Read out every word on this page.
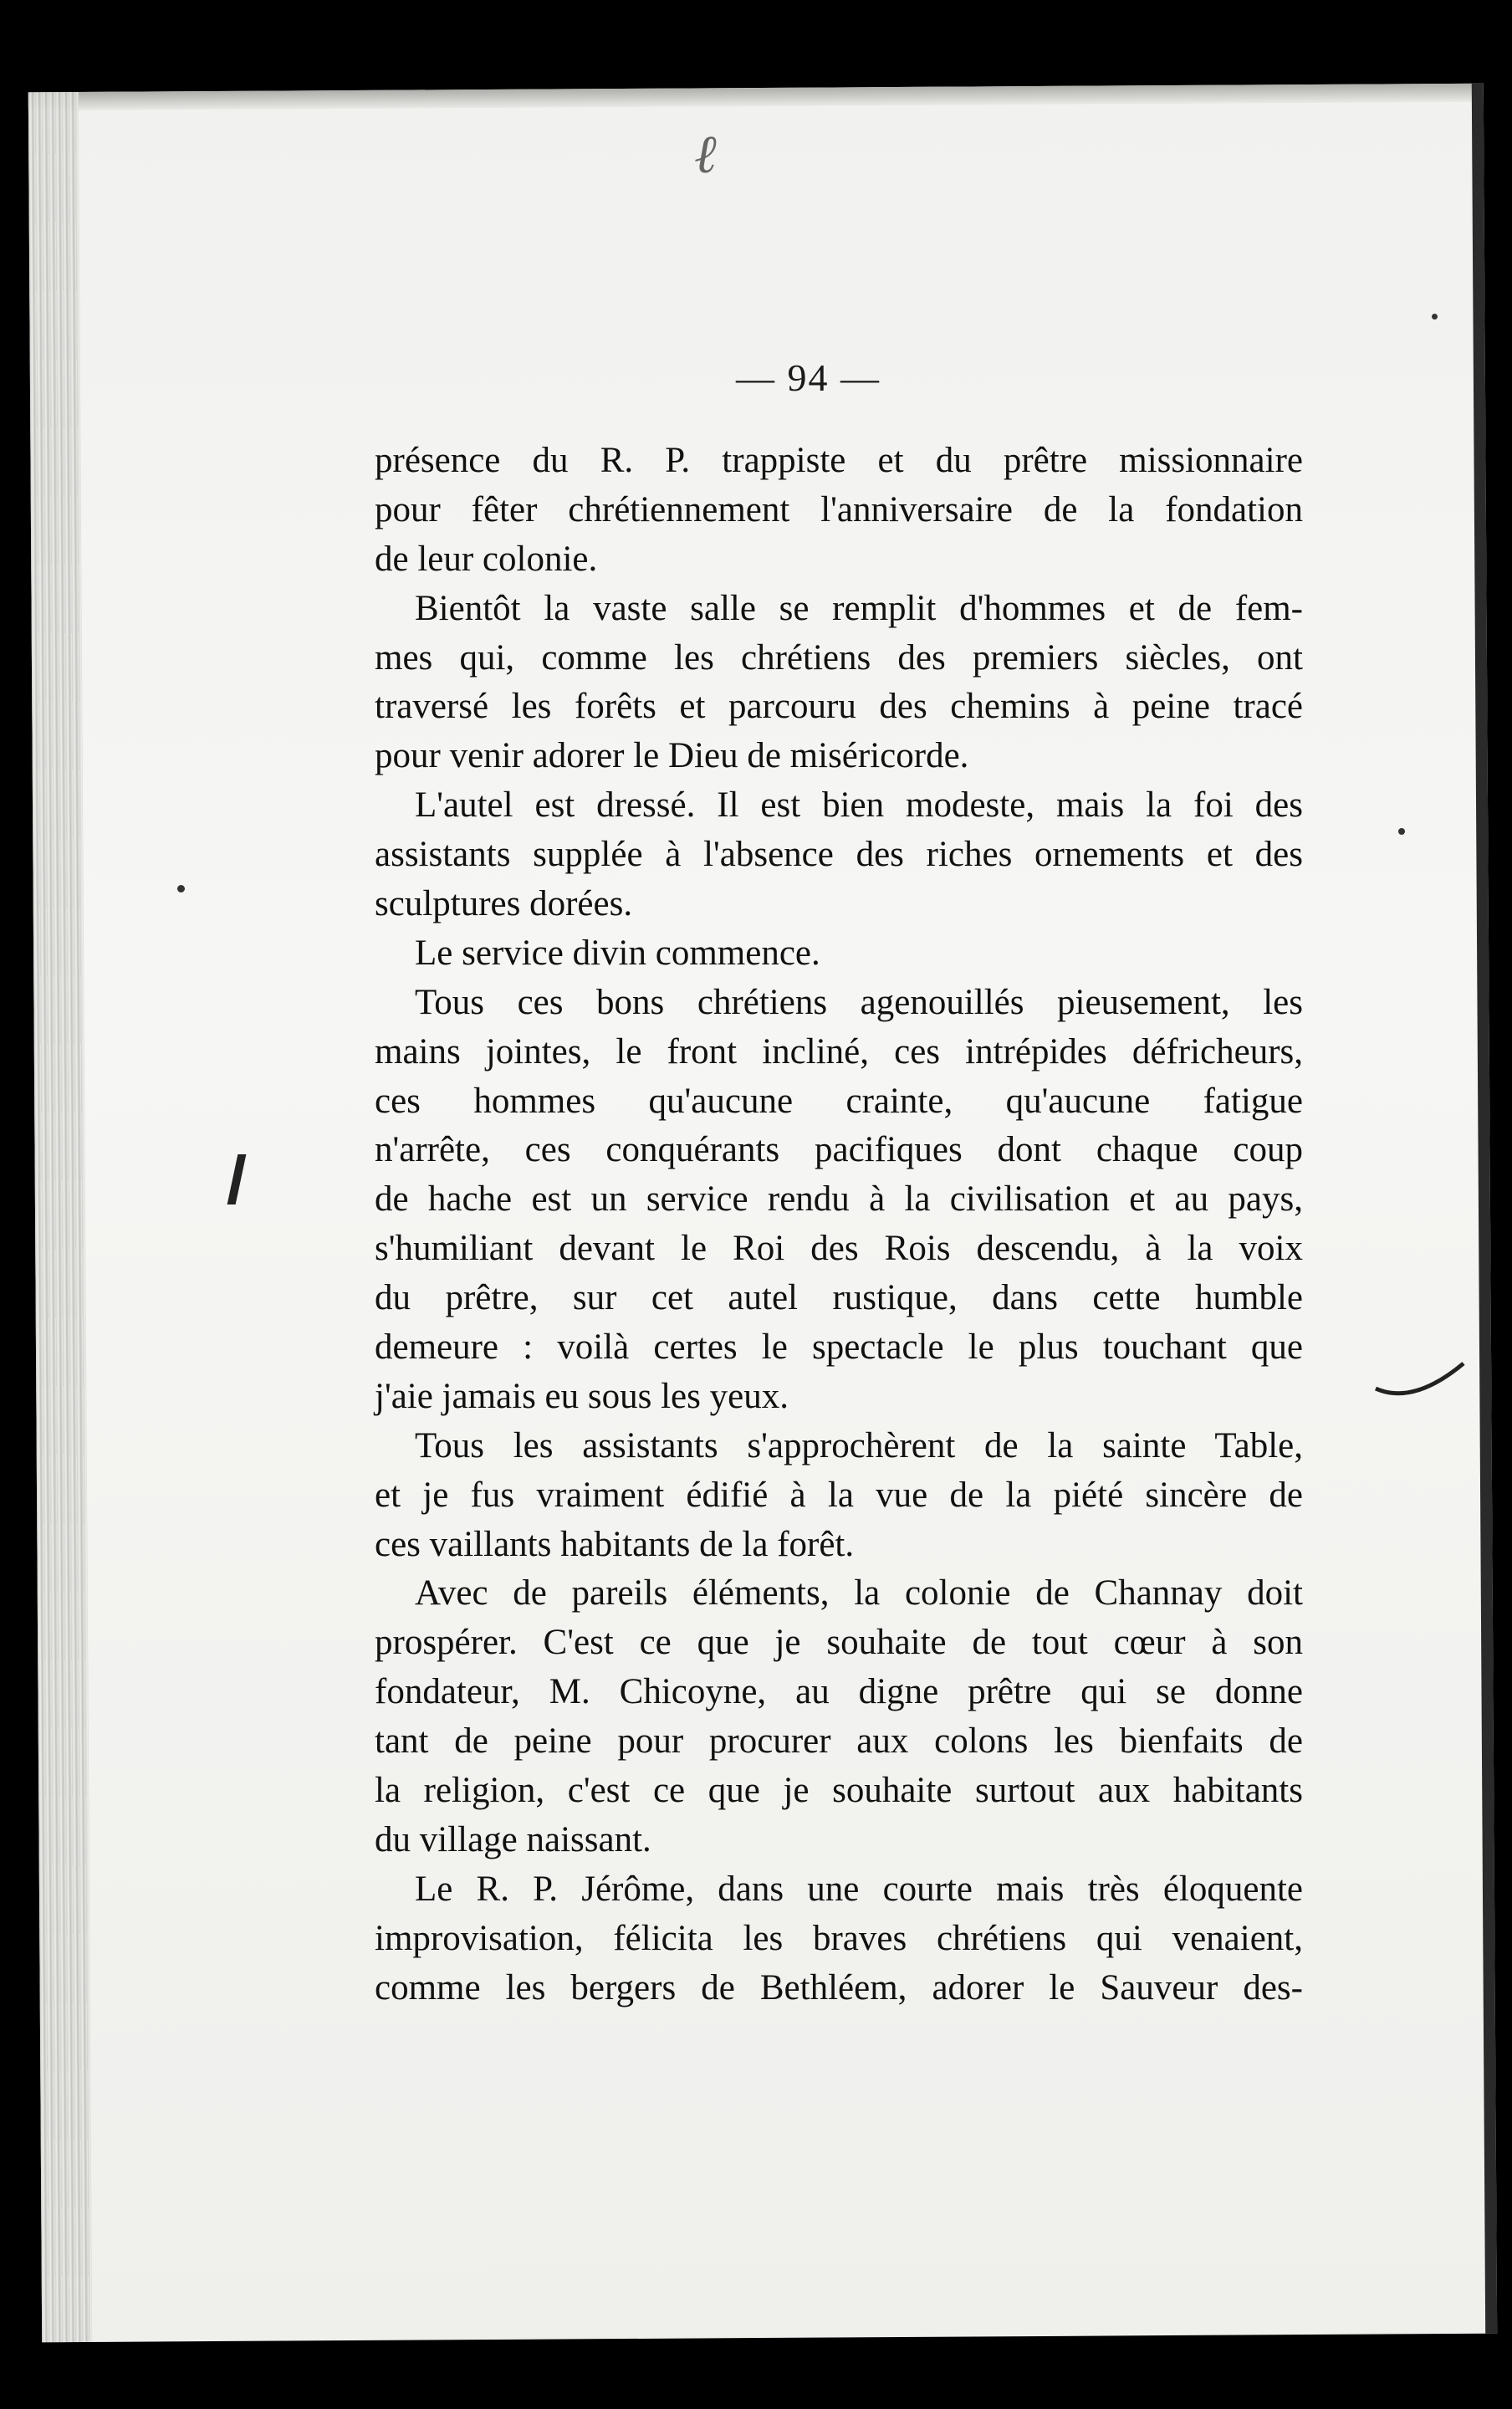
ℓ
— 94 —
présence du R. P. trappiste et du prêtre missionnaire
pour fêter chrétiennement l'anniversaire de la fondation
de leur colonie.
Bientôt la vaste salle se remplit d'hommes et de fem-
mes qui, comme les chrétiens des premiers siècles, ont
traversé les forêts et parcouru des chemins à peine tracé
pour venir adorer le Dieu de miséricorde.
L'autel est dressé. Il est bien modeste, mais la foi des
assistants supplée à l'absence des riches ornements et des
sculptures dorées.
Le service divin commence.
Tous ces bons chrétiens agenouillés pieusement, les
mains jointes, le front incliné, ces intrépides défricheurs,
ces hommes qu'aucune crainte, qu'aucune fatigue
n'arrête, ces conquérants pacifiques dont chaque coup
de hache est un service rendu à la civilisation et au pays,
s'humiliant devant le Roi des Rois descendu, à la voix
du prêtre, sur cet autel rustique, dans cette humble
demeure : voilà certes le spectacle le plus touchant que
j'aie jamais eu sous les yeux.
Tous les assistants s'approchèrent de la sainte Table,
et je fus vraiment édifié à la vue de la piété sincère de
ces vaillants habitants de la forêt.
Avec de pareils éléments, la colonie de Channay doit
prospérer. C'est ce que je souhaite de tout cœur à son
fondateur, M. Chicoyne, au digne prêtre qui se donne
tant de peine pour procurer aux colons les bienfaits de
la religion, c'est ce que je souhaite surtout aux habitants
du village naissant.
Le R. P. Jérôme, dans une courte mais très éloquente
improvisation, félicita les braves chrétiens qui venaient,
comme les bergers de Bethléem, adorer le Sauveur des-
